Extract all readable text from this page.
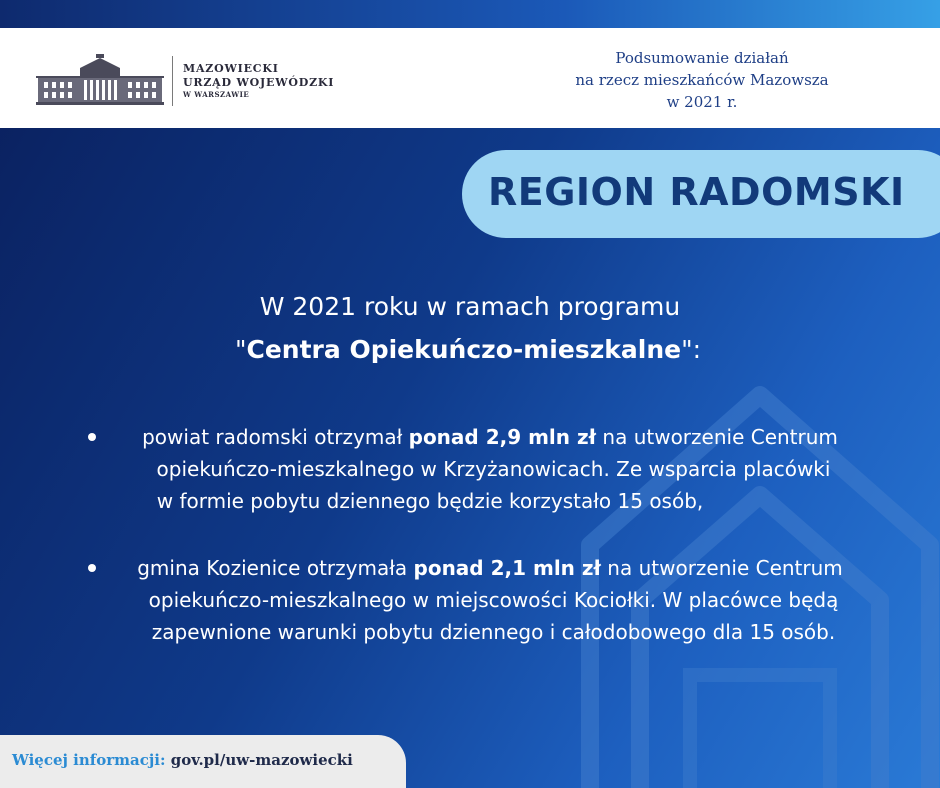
MAZOWIECKI
URZĄD WOJEWÓDZKI
W WARSZAWIE
Podsumowanie działań
na rzecz mieszkańców Mazowsza
w 2021 r.
REGION RADOMSKI
W 2021 roku w ramach programu
"Centra Opiekuńczo-mieszkalne":
powiat radomski otrzymał ponad 2,9 mln zł na utworzenie Centrum
opiekuńczo-mieszkalnego w Krzyżanowicach. Ze wsparcia placówki
w formie pobytu dziennego będzie korzystało 15 osób,
gmina Kozienice otrzymała ponad 2,1 mln zł na utworzenie Centrum
opiekuńczo-mieszkalnego w miejscowości Kociołki. W placówce będą
zapewnione warunki pobytu dziennego i całodobowego dla 15 osób.
Więcej informacji: gov.pl/uw-mazowiecki
